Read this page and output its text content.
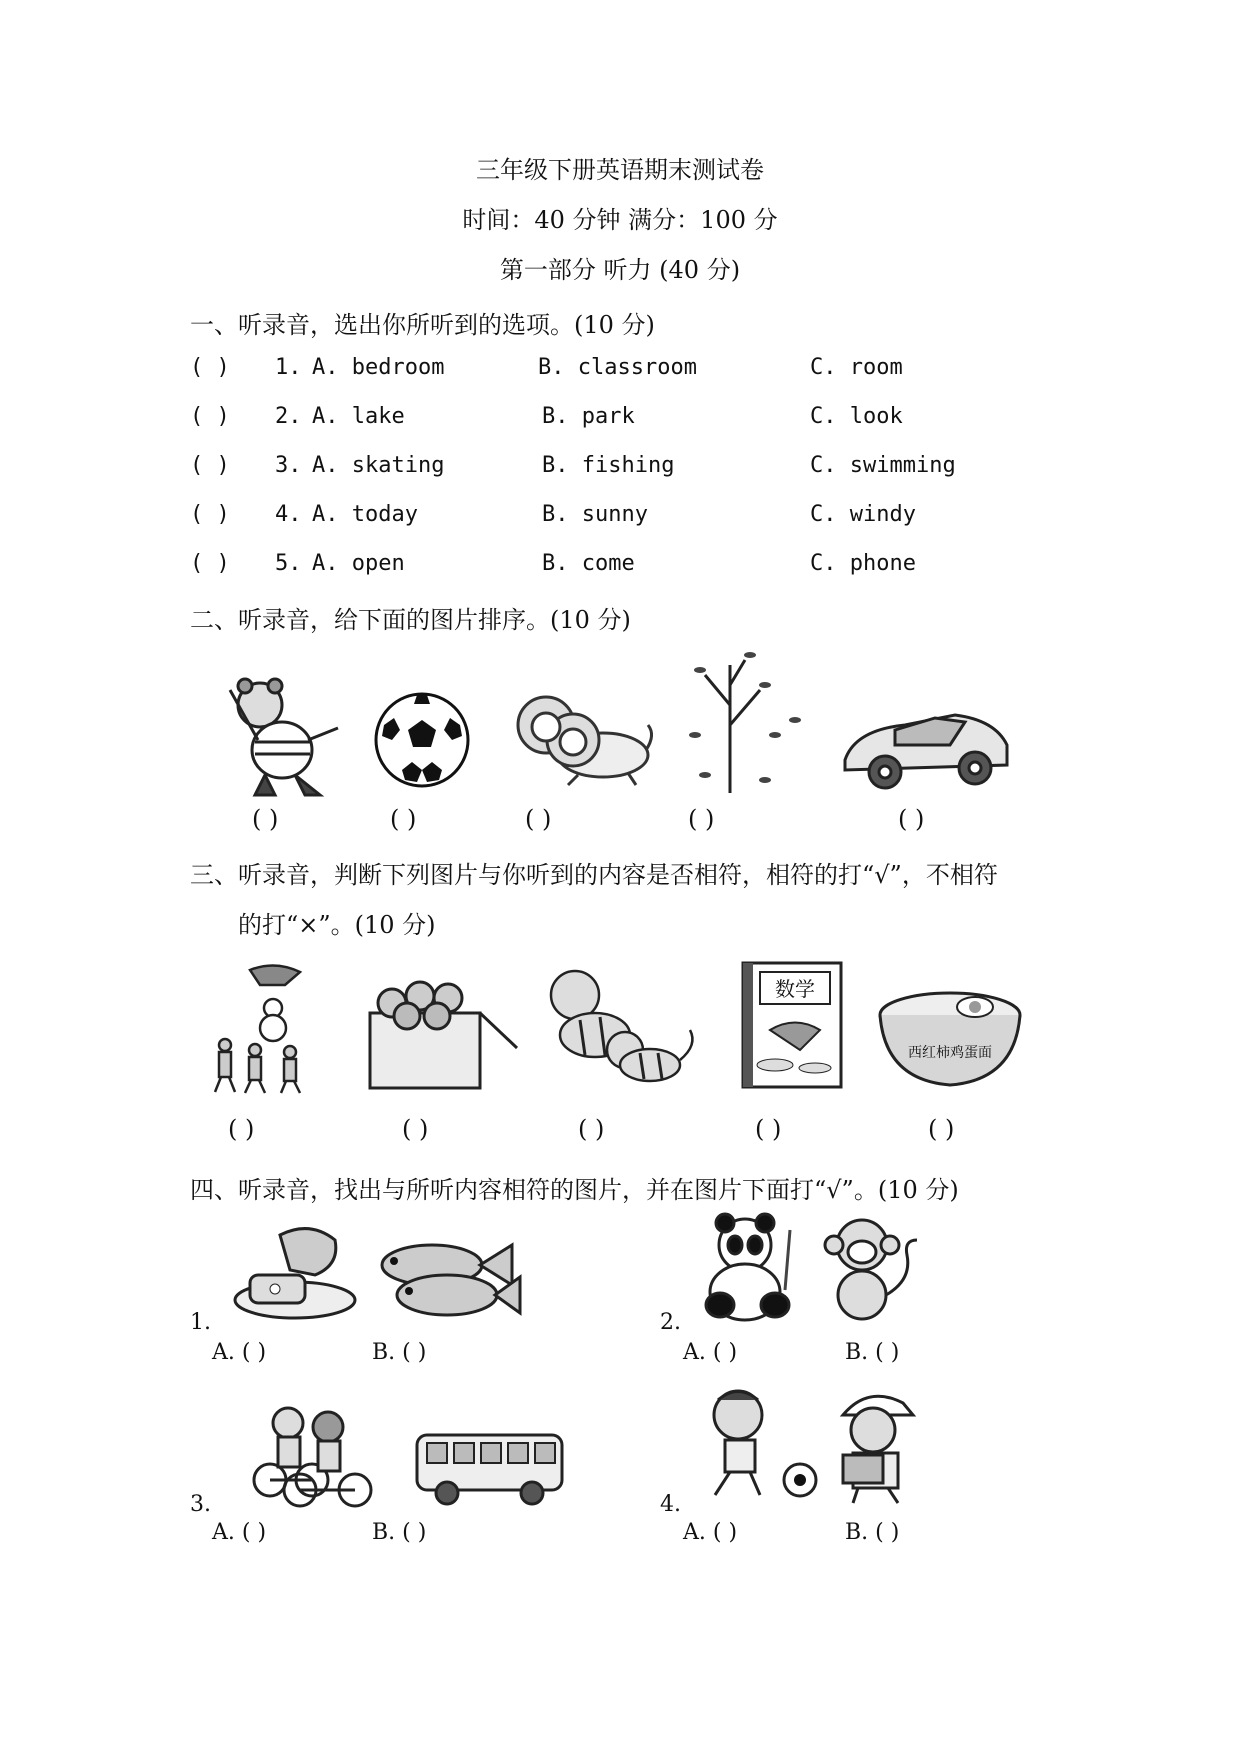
三年级下册英语期末测试卷
时间：40 分钟 满分：100 分
第一部分 听力 (40 分)
一、听录音，选出你所听到的选项。(10 分)
( ) 1. A. bedroom	B. classroom	C. room
( ) 2. A. lake	B. park	C. look
( ) 3. A. skating	B. fishing	C. swimming
( ) 4. A. today	B. sunny	C. windy
( ) 5. A. open	B. come	C. phone
二、听录音，给下面的图片排序。(10 分)
( )	( )	( )	( )	( )
三、听录音，判断下列图片与你听到的内容是否相符，相符的打“√”，不相符
的打“×”。(10 分)
数学
西红柿鸡蛋面
( )	( )	( )	( )	( )
四、听录音，找出与所听内容相符的图片，并在图片下面打“√”。(10 分)
1.
A. ( )	B. ( )
2.
A. ( )	B. ( )
3.
A. ( )	B. ( )
4.
A. ( )	B. ( )
